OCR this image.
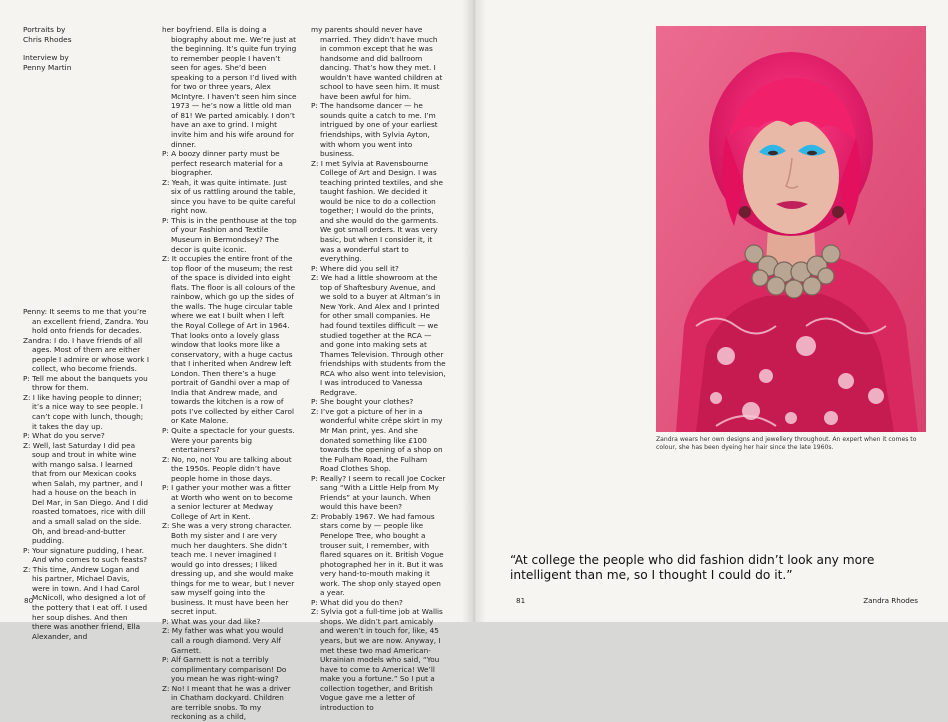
Portraits by
Chris Rhodes
Interview by
Penny Martin

Penny: It seems to me that you’re an excellent friend, Zandra. You hold onto friends for decades.

Zandra: I do. I have friends of all ages. Most of them are either people I admire or whose work I collect, who become friends.

P: Tell me about the banquets you throw for them.

Z: I like having people to dinner; it’s a nice way to see people. I can’t cope with lunch, though; it takes the day up.

P: What do you serve?

Z: Well, last Saturday I did pea soup and trout in white wine with mango salsa. I learned that from our Mexican cooks when Salah, my partner, and I had a house on the beach in Del Mar, in San Diego. And I did roasted tomatoes, rice with dill and a small salad on the side. Oh, and bread-and-butter pudding.

P: Your signature pudding, I hear. And who comes to such feasts?

Z: This time, Andrew Logan and his partner, Michael Davis, were in town. And I had Carol McNicoll, who designed a lot of the pottery that I eat off. I used her soup dishes. And then there was another friend, Ella Alexander, and

her boyfriend. Ella is doing a biography about me. We’re just at the beginning. It’s quite fun trying to remember people I haven’t seen for ages. She’d been speaking to a person I’d lived with for two or three years, Alex McIntyre. I haven’t seen him since 1973 — he’s now a little old man of 81! We parted amicably. I don’t have an axe to grind. I might invite him and his wife around for dinner.

P: A boozy dinner party must be perfect research material for a biographer.

Z: Yeah, it was quite intimate. Just six of us rattling around the table, since you have to be quite careful right now.

P: This is in the penthouse at the top of your Fashion and Textile Museum in Bermondsey? The decor is quite iconic.

Z: It occupies the entire front of the top floor of the museum; the rest of the space is divided into eight flats. The floor is all colours of the rainbow, which go up the sides of the walls. The huge circular table where we eat I built when I left the Royal College of Art in 1964. That looks onto a lovely glass window that looks more like a conservatory, with a huge cactus that I inherited when Andrew left London. Then there’s a huge portrait of Gandhi over a map of India that Andrew made, and towards the kitchen is a row of pots I’ve collected by either Carol or Kate Malone.

P: Quite a spectacle for your guests. Were your parents big entertainers?

Z: No, no, no! You are talking about the 1950s. People didn’t have people home in those days.

P: I gather your mother was a fitter at Worth who went on to become a senior lecturer at Medway College of Art in Kent.

Z: She was a very strong character. Both my sister and I are very much her daughters. She didn’t teach me. I never imagined I would go into dresses; I liked dressing up, and she would make things for me to wear, but I never saw myself going into the business. It must have been her secret input.

P: What was your dad like?

Z: My father was what you would call a rough diamond. Very Alf Garnett.

P: Alf Garnett is not a terribly complimentary comparison! Do you mean he was right-wing?

Z: No! I meant that he was a driver in Chatham dockyard. Children are terrible snobs. To my reckoning as a child,

my parents should never have married. They didn’t have much in common except that he was handsome and did ballroom dancing. That’s how they met. I wouldn’t have wanted children at school to have seen him. It must have been awful for him.

P: The handsome dancer — he sounds quite a catch to me. I’m intrigued by one of your earliest friendships, with Sylvia Ayton, with whom you went into business.

Z: I met Sylvia at Ravensbourne College of Art and Design. I was teaching printed textiles, and she taught fashion. We decided it would be nice to do a collection together; I would do the prints, and she would do the garments. We got small orders. It was very basic, but when I consider it, it was a wonderful start to everything.

P: Where did you sell it?

Z: We had a little showroom at the top of Shaftesbury Avenue, and we sold to a buyer at Altman’s in New York. And Alex and I printed for other small companies. He had found textiles difficult — we studied together at the RCA — and gone into making sets at Thames Television. Through other friendships with students from the RCA who also went into television, I was introduced to Vanessa Redgrave.

P: She bought your clothes?

Z: I’ve got a picture of her in a wonderful white crêpe skirt in my Mr Man print, yes. And she donated something like £100 towards the opening of a shop on the Fulham Road, the Fulham Road Clothes Shop.

P: Really? I seem to recall Joe Cocker sang “With a Little Help from My Friends” at your launch. When would this have been?

Z: Probably 1967. We had famous stars come by — people like Penelope Tree, who bought a trouser suit, I remember, with flared squares on it. British Vogue photographed her in it. But it was very hand-to-mouth making it work. The shop only stayed open a year.

P: What did you do then?

Z: Sylvia got a full-time job at Wallis shops. We didn’t part amicably and weren’t in touch for, like, 45 years, but we are now. Anyway, I met these two mad American-Ukrainian models who said, “You have to come to America! We’ll make you a fortune.” So I put a collection together, and British Vogue gave me a letter of introduction to

80
Zandra wears her own designs and jewellery throughout. An expert when it comes to colour, she has been dyeing her hair since the late 1960s.
“At college the people who did fashion didn’t look any more intelligent than me, so I thought I could do it.”
81	Zandra Rhodes
